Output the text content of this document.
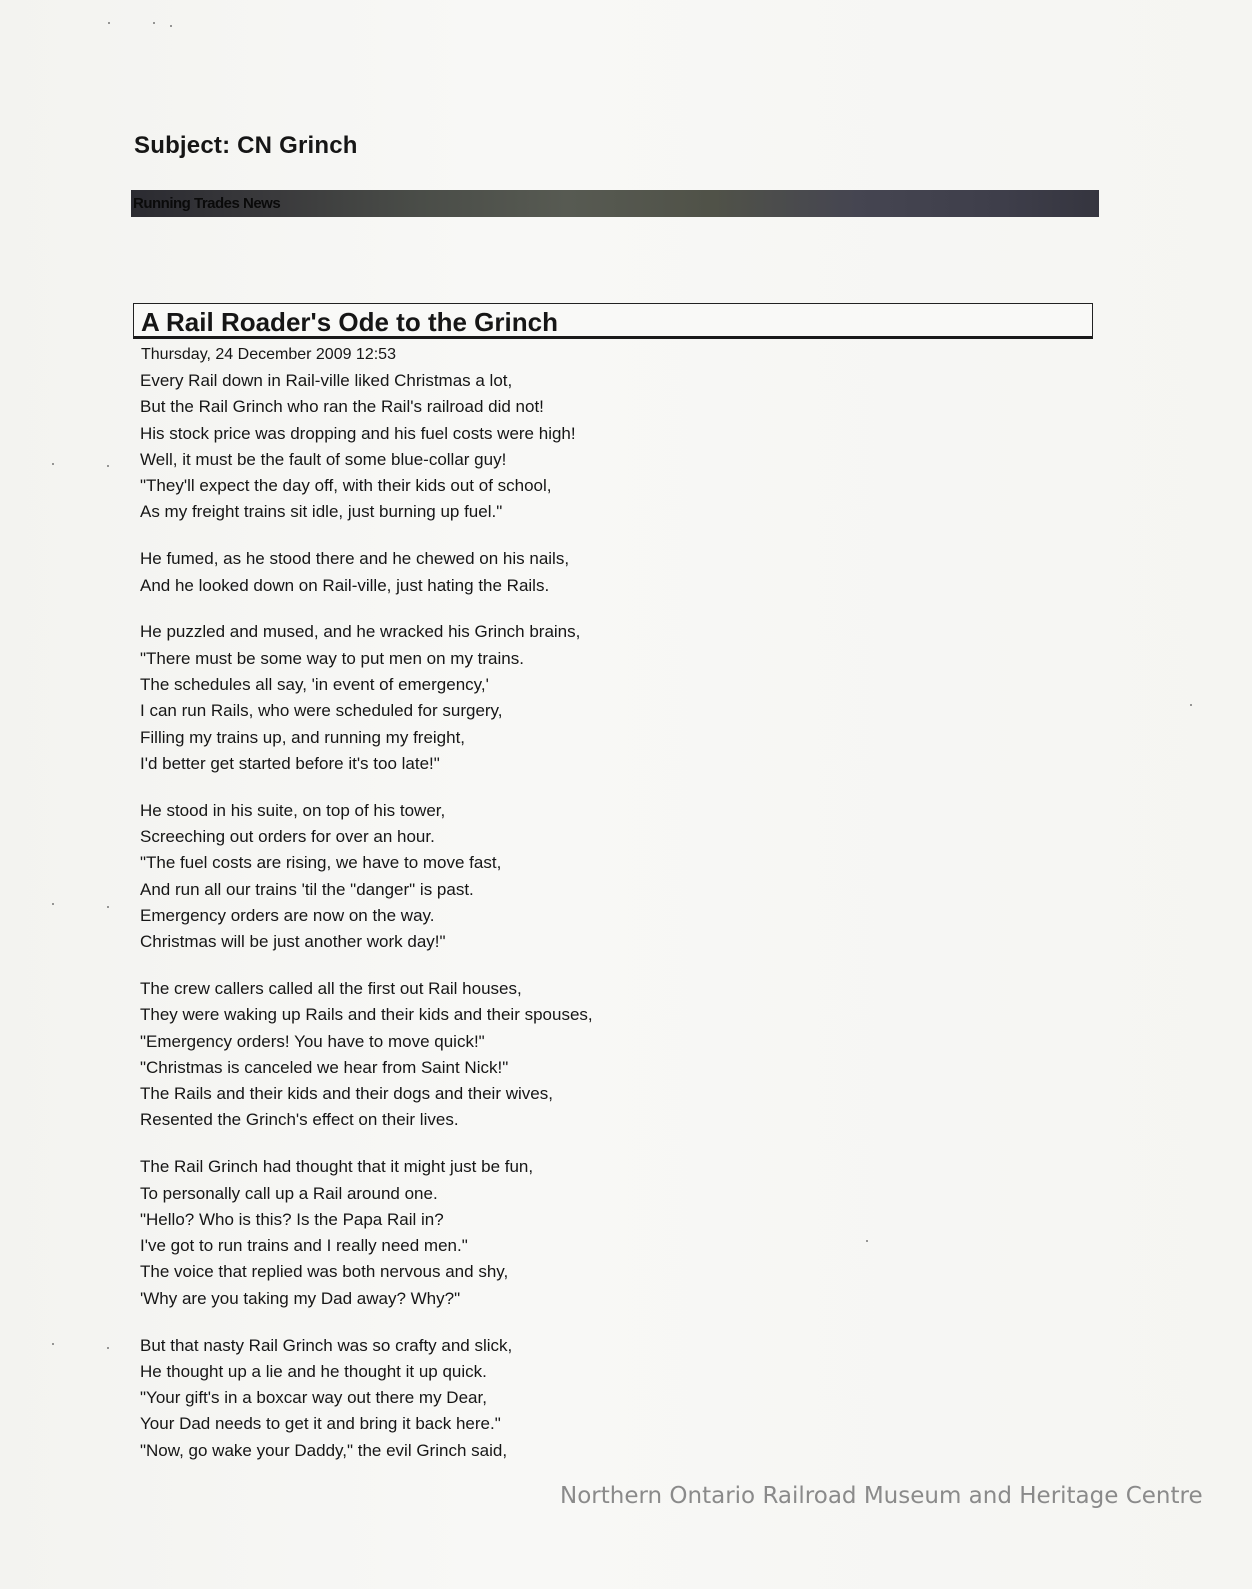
Subject: CN Grinch
Running Trades News
A Rail Roader's Ode to the Grinch
Thursday, 24 December 2009 12:53
Every Rail down in Rail-ville liked Christmas a lot,
But the Rail Grinch who ran the Rail's railroad did not!
His stock price was dropping and his fuel costs were high!
Well, it must be the fault of some blue-collar guy!
"They'll expect the day off, with their kids out of school,
As my freight trains sit idle, just burning up fuel."
He fumed, as he stood there and he chewed on his nails,
And he looked down on Rail-ville, just hating the Rails.
He puzzled and mused, and he wracked his Grinch brains,
"There must be some way to put men on my trains.
The schedules all say, 'in event of emergency,'
I can run Rails, who were scheduled for surgery,
Filling my trains up, and running my freight,
I'd better get started before it's too late!"
He stood in his suite, on top of his tower,
Screeching out orders for over an hour.
"The fuel costs are rising, we have to move fast,
And run all our trains 'til the "danger" is past.
Emergency orders are now on the way.
Christmas will be just another work day!"
The crew callers called all the first out Rail houses,
They were waking up Rails and their kids and their spouses,
"Emergency orders! You have to move quick!"
"Christmas is canceled we hear from Saint Nick!"
The Rails and their kids and their dogs and their wives,
Resented the Grinch's effect on their lives.
The Rail Grinch had thought that it might just be fun,
To personally call up a Rail around one.
"Hello? Who is this? Is the Papa Rail in?
I've got to run trains and I really need men."
The voice that replied was both nervous and shy,
'Why are you taking my Dad away? Why?"
But that nasty Rail Grinch was so crafty and slick,
He thought up a lie and he thought it up quick.
"Your gift's in a boxcar way out there my Dear,
Your Dad needs to get it and bring it back here."
"Now, go wake your Daddy," the evil Grinch said,
Northern Ontario Railroad Museum and Heritage Centre
